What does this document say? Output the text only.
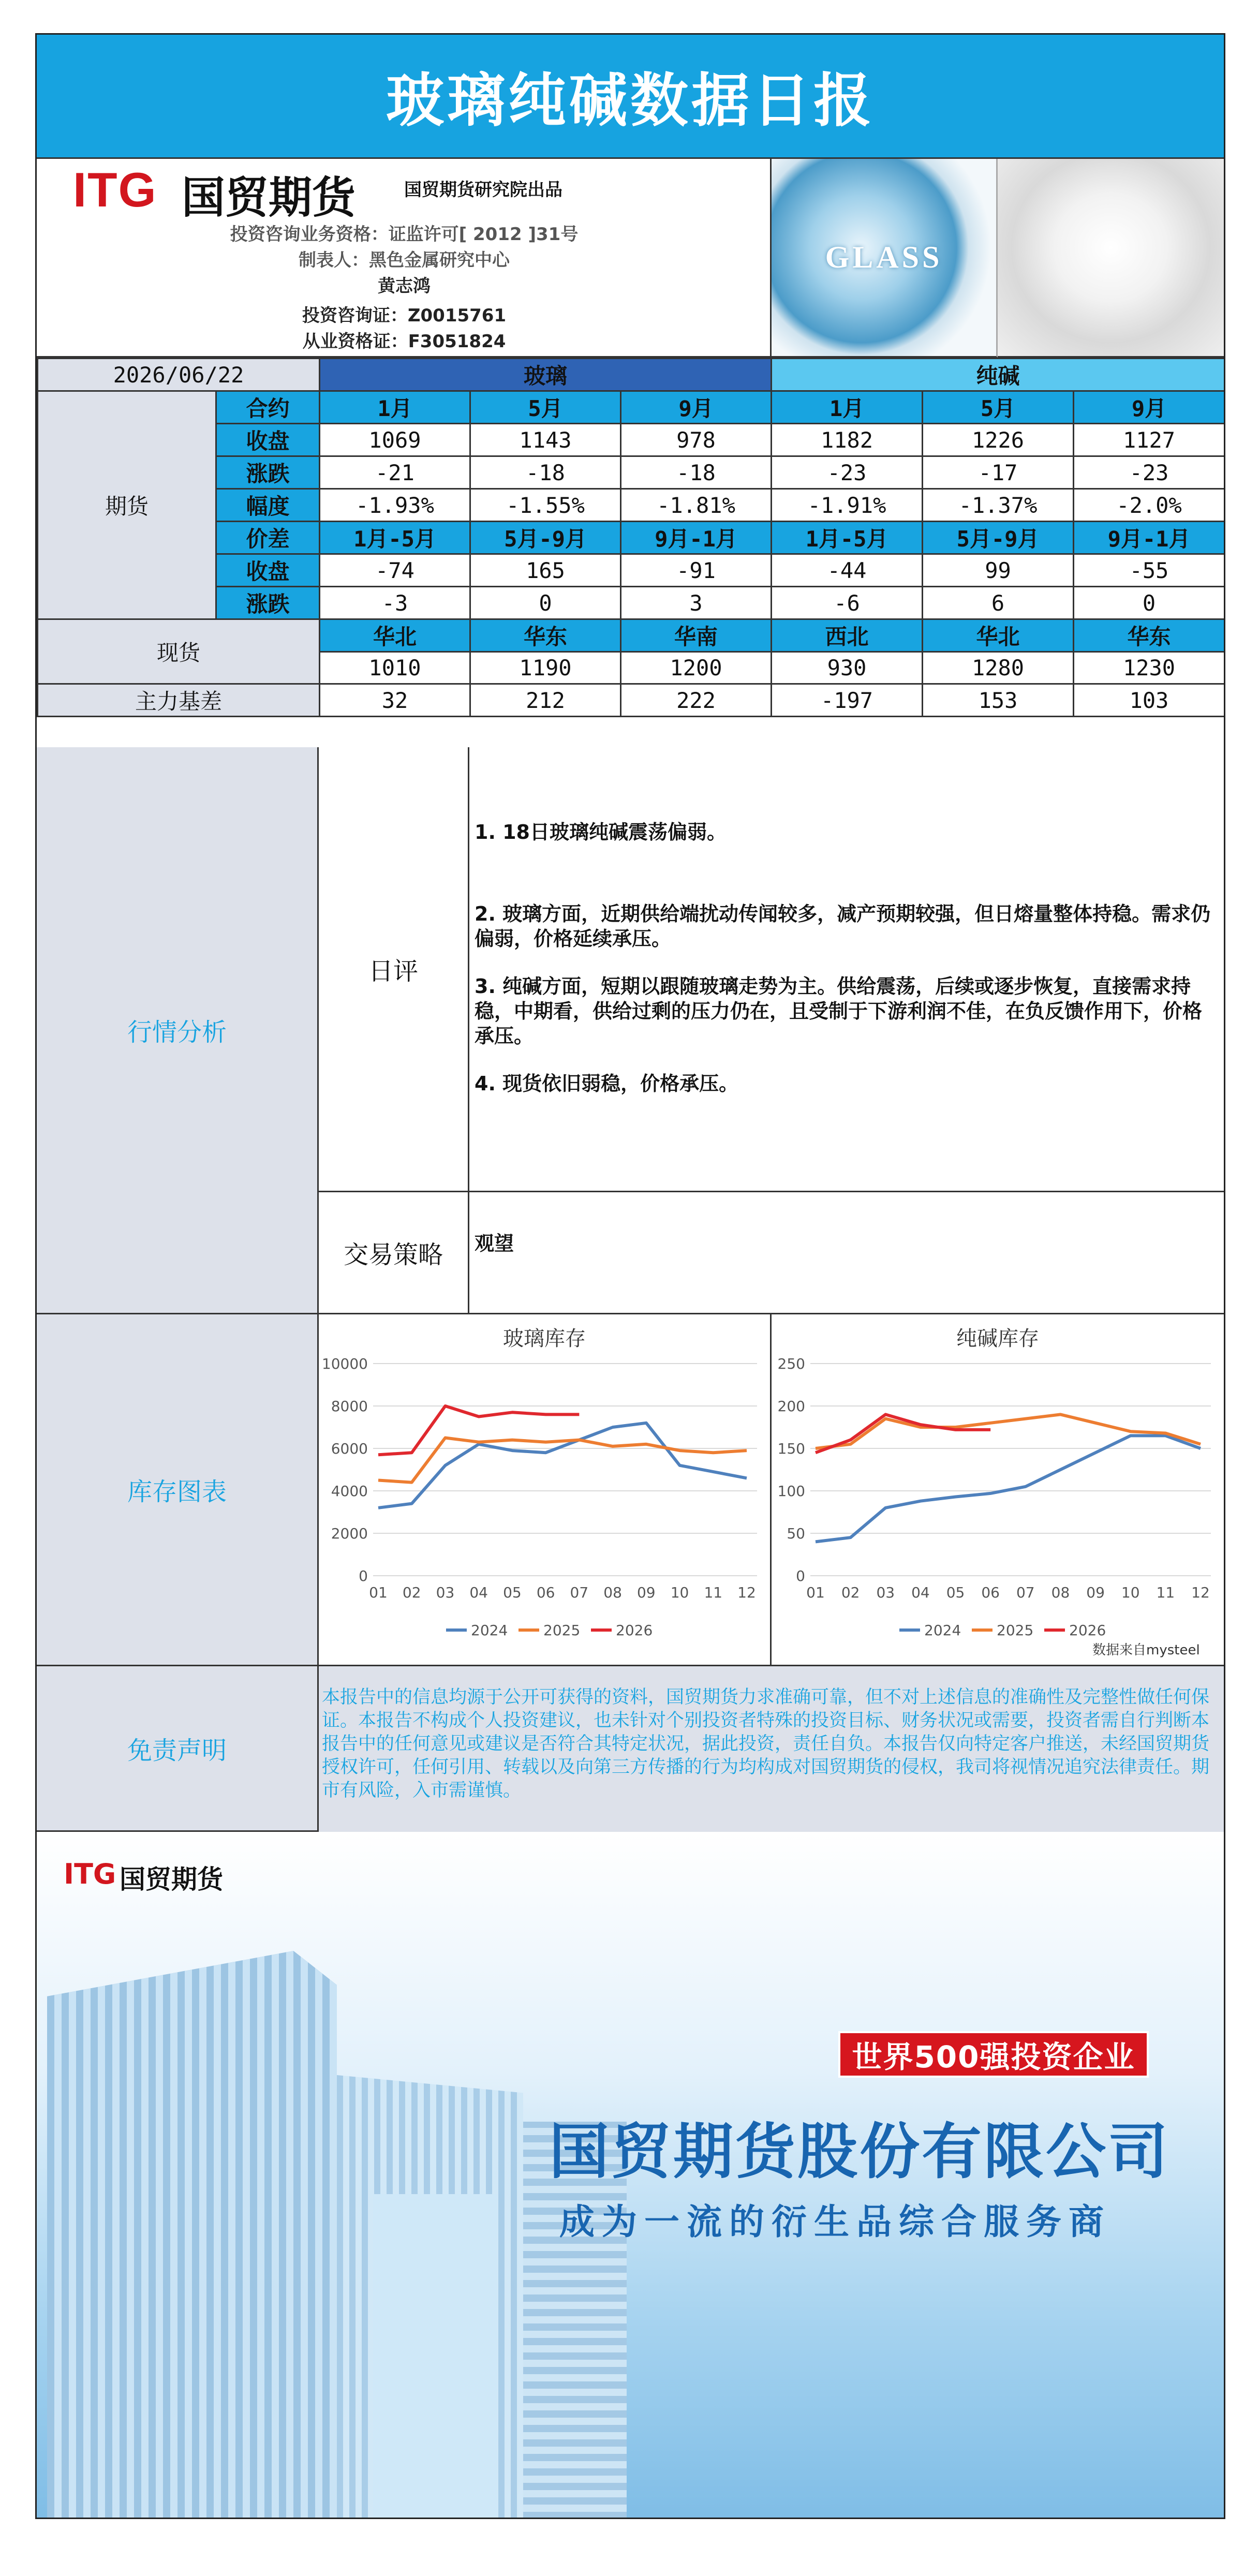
玻璃纯碱数据日报
ITG 国贸期货	国贸期货研究院出品
投资咨询业务资格：证监许可[ 2012 ]31号
制表人：黑色金属研究中心
黄志鸿
投资咨询证：Z0015761
从业资格证：F3051824
GLASS
2026/06/22		玻璃			纯碱		
期货	合约	1月	5月	9月	1月	5月	9月
	收盘	1069	1143	978	1182	1226	1127
	涨跌	-21	-18	-18	-23	-17	-23
	幅度	-1.93%	-1.55%	-1.81%	-1.91%	-1.37%	-2.0%
	价差	1月-5月	5月-9月	9月-1月	1月-5月	5月-9月	9月-1月
	收盘	-74	165	-91	-44	99	-55
	涨跌	-3	0	3	-6	6	0
现货		华北	华东	华南	西北	华北	华东
		1010	1190	1200	930	1280	1230
主力基差		32	212	222	-197	153	103
行情分析
日评

1. 18日玻璃纯碱震荡偏弱。

2. 玻璃方面，近期供给端扰动传闻较多，减产预期较强，但日熔量整体持稳。需求仍偏弱，价格延续承压。

3. 纯碱方面，短期以跟随玻璃走势为主。供给震荡，后续或逐步恢复，直接需求持稳，中期看，供给过剩的压力仍在，且受制于下游利润不佳，在负反馈作用下，价格承压。

4. 现货依旧弱稳，价格承压。

交易策略	观望
库存图表
玻璃库存
0
2000
4000
6000
8000
10000
01 02 03 04 05 06 07 08 09 10 11 12
2024 2025 2026
纯碱库存
0
50
100
150
200
250
01 02 03 04 05 06 07 08 09 10 11 12
2024 2025 2026
数据来自mysteel
免责声明
本报告中的信息均源于公开可获得的资料，国贸期货力求准确可靠，但不对上述信息的准确性及完整性做任何保证。本报告不构成个人投资建议，也未针对个别投资者特殊的投资目标、财务状况或需要，投资者需自行判断本报告中的任何意见或建议是否符合其特定状况，据此投资，责任自负。本报告仅向特定客户推送，未经国贸期货授权许可，任何引用、转载以及向第三方传播的行为均构成对国贸期货的侵权，我司将视情况追究法律责任。期市有风险，入市需谨慎。
ITG 国贸期货
世界500强投资企业
国贸期货股份有限公司
成为一流的衍生品综合服务商
